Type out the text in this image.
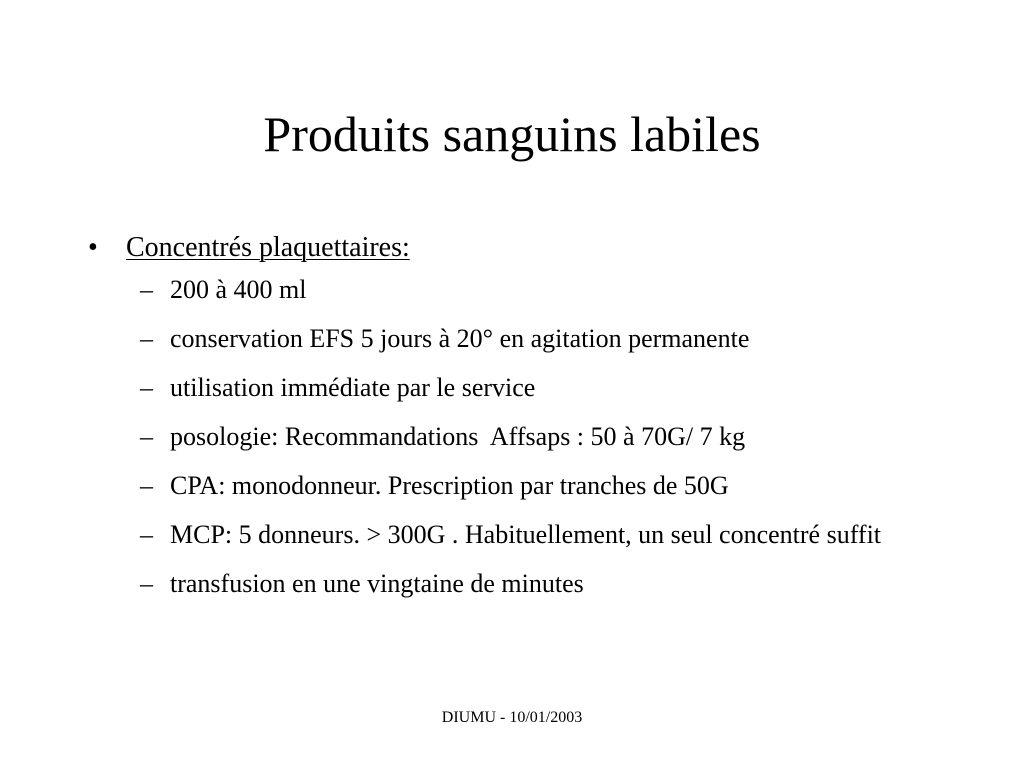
Produits sanguins labiles
• Concentrés plaquettaires:
– 200 à 400 ml
– conservation EFS 5 jours à 20° en agitation permanente
– utilisation immédiate par le service
– posologie: Recommandations  Affsaps : 50 à 70G/ 7 kg
– CPA: monodonneur. Prescription par tranches de 50G
– MCP: 5 donneurs. > 300G . Habituellement, un seul concentré suffit
– transfusion en une vingtaine de minutes
DIUMU - 10/01/2003
